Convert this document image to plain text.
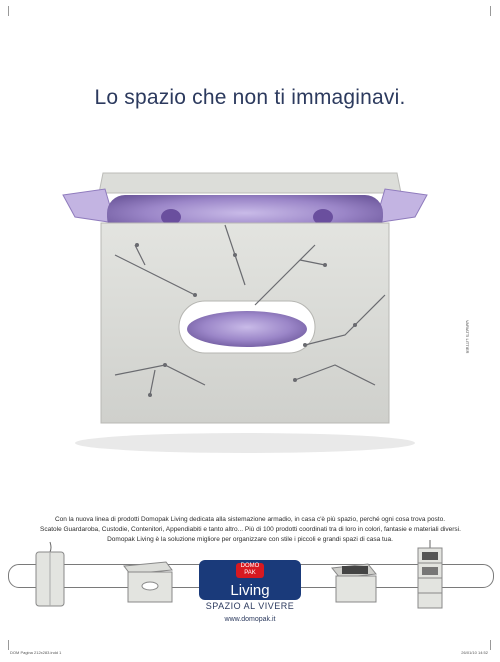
Lo spazio che non ti immaginavi.
VARIATTI LITTIER
Con la nuova linea di prodotti Domopak Living dedicata alla sistemazione armadio, in casa c'è più spazio, perché ogni cosa trova posto.
Scatole Guardaroba, Custodie, Contenitori, Appendiabiti e tanto altro... Più di 100 prodotti coordinati tra di loro in colori, fantasie e materiali diversi.
Domopak Living è la soluzione migliore per organizzare con stile i piccoli e grandi spazi di casa tua.
DOMO
PAK
Living
SPAZIO AL VIVERE
www.domopak.it
DOM Pagina 212x283.indd 1	26/01/10 14:52
